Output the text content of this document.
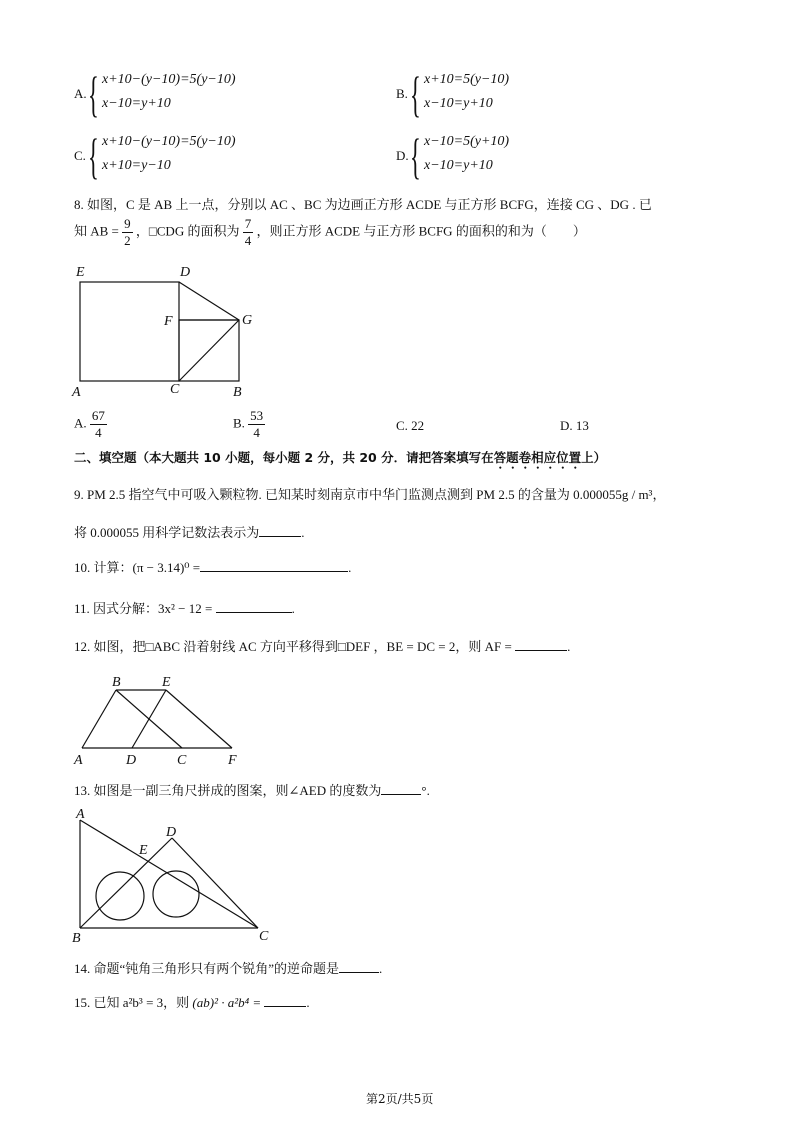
A. { x+10−(y−10)=5(y−10)
x−10=y+10
B. { x+10=5(y−10)
x−10=y+10
C. { x+10−(y−10)=5(y−10)
x+10=y−10
D. { x−10=5(y+10)
x−10=y+10
8. 如图，C 是 AB 上一点，分别以 AC 、BC 为边画正方形 ACDE 与正方形 BCFG，连接 CG 、DG . 已
知 AB = $\frac{9}{2}$ ，□CDG 的面积为 $\frac{7}{4}$ ，则正方形 ACDE 与正方形 BCFG 的面积的和为（　　）
E	D
F	G
A	C	B
A. $\frac{67}{4}$	B. $\frac{53}{4}$	C. 22	D. 13
二、填空题（本大题共 10 小题，每小题 2 分，共 20 分．请把答案填写在答题卷相应位置上）
9. PM 2.5 指空气中可吸入颗粒物. 已知某时刻南京市中华门监测点测到 PM 2.5 的含量为 0.000055g / m³，
将 0.000055 用科学记数法表示为	.
10. 计算：(π − 3.14)⁰ =	.
11. 因式分解：3x² − 12 =	.
12. 如图，把□ABC 沿着射线 AC 方向平移得到□DEF ，BE = DC = 2，则 AF =	.
B	E
A	D	C	F
13. 如图是一副三角尺拼成的图案，则∠AED 的度数为	°.
A
D
E
B	C
14. 命题“钝角三角形只有两个锐角”的逆命题是	.
15. 已知 a²b³ = 3，则 (ab)² · a²b⁴ =	.
第2页/共5页
